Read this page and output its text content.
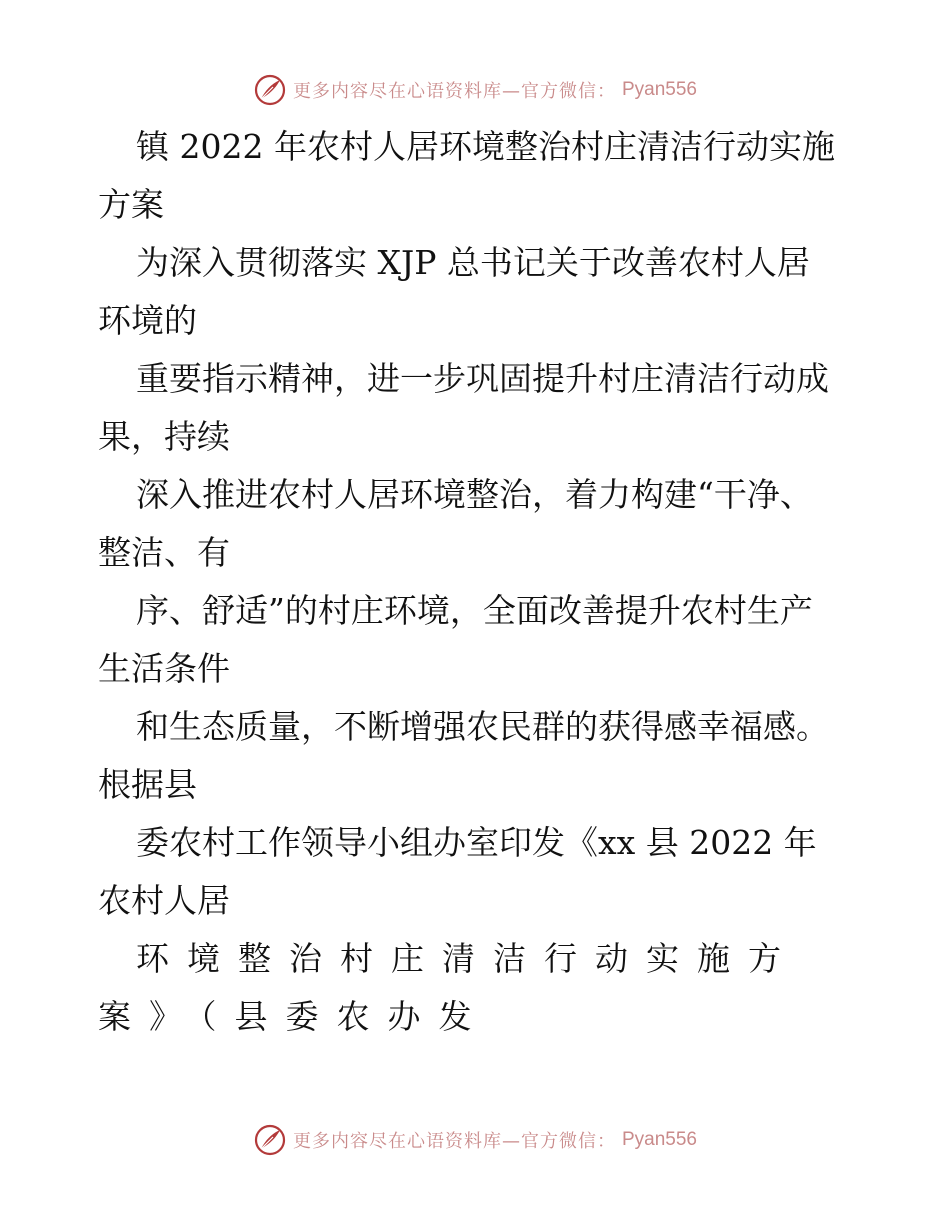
更多内容尽在心语资料库—官方微信： Pyan556
镇 2022 年农村人居环境整治村庄清洁行动实施
方案
为深入贯彻落实 XJP 总书记关于改善农村人居
环境的
重要指示精神，进一步巩固提升村庄清洁行动成
果，持续
深入推进农村人居环境整治，着力构建“干净、
整洁、有
序、舒适”的村庄环境，全面改善提升农村生产
生活条件
和生态质量，不断增强农民群的获得感幸福感。
根据县
委农村工作领导小组办室印发《xx 县 2022 年
农村人居
环境整治村庄清洁行动实施方
案》（县委农办发
更多内容尽在心语资料库—官方微信： Pyan556
